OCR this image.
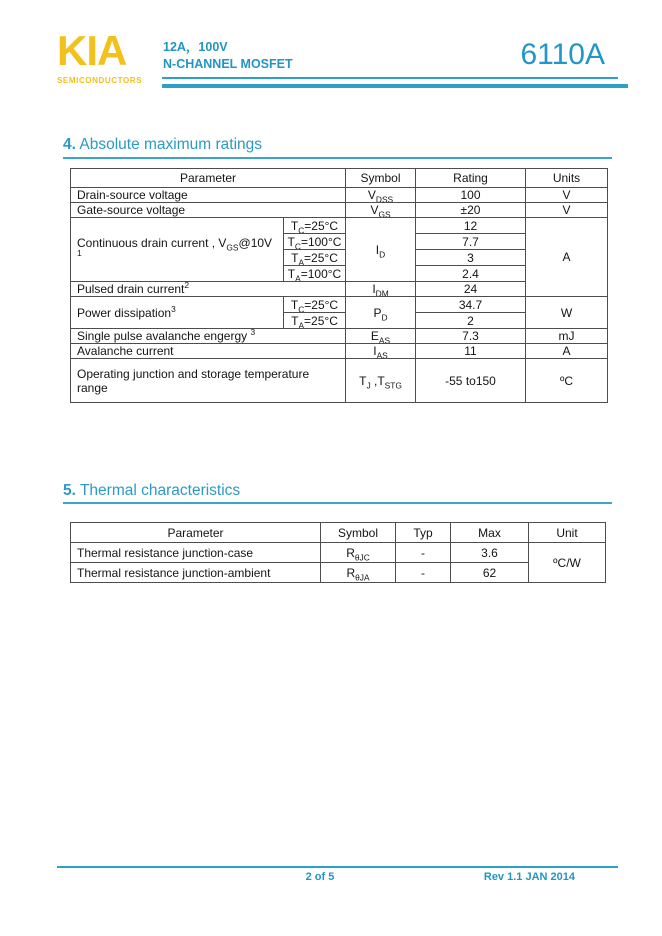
KIA
SEMICONDUCTORS
12A，100V
N-CHANNEL MOSFET	6110A
4. Absolute maximum ratings
Parameter		Symbol	Rating	Units
Drain-source voltage		$V_{DSS}$	100	V
Gate-source voltage		$V_{GS}$	±20	V
Continuous drain current , $V_{GS}@10V$ $^1$	$T_C=25^\circ C$	$I_D$	12	A
	$T_C=100^\circ C$		7.7	
	$T_A=25^\circ C$		3	
	$T_A=100^\circ C$		2.4	
Pulsed drain current$^2$		$I_{DM}$	24	
Power dissipation$^3$	$T_C=25^\circ C$	$P_D$	34.7	W
	$T_A=25^\circ C$		2	
Single pulse avalanche engergy $^3$		$E_{AS}$	7.3	mJ
Avalanche current		$I_{AS}$	11	A
Operating junction and storage temperature range		$T_J$ $,T_{STG}$	-55 to150	ºC
5. Thermal characteristics
Parameter	Symbol	Typ	Max	Unit
Thermal resistance junction-case	$R_{\theta JC}$	-	3.6	ºC/W
Thermal resistance junction-ambient	$R_{\theta JA}$	-	62	
2 of 5	Rev 1.1 JAN 2014
